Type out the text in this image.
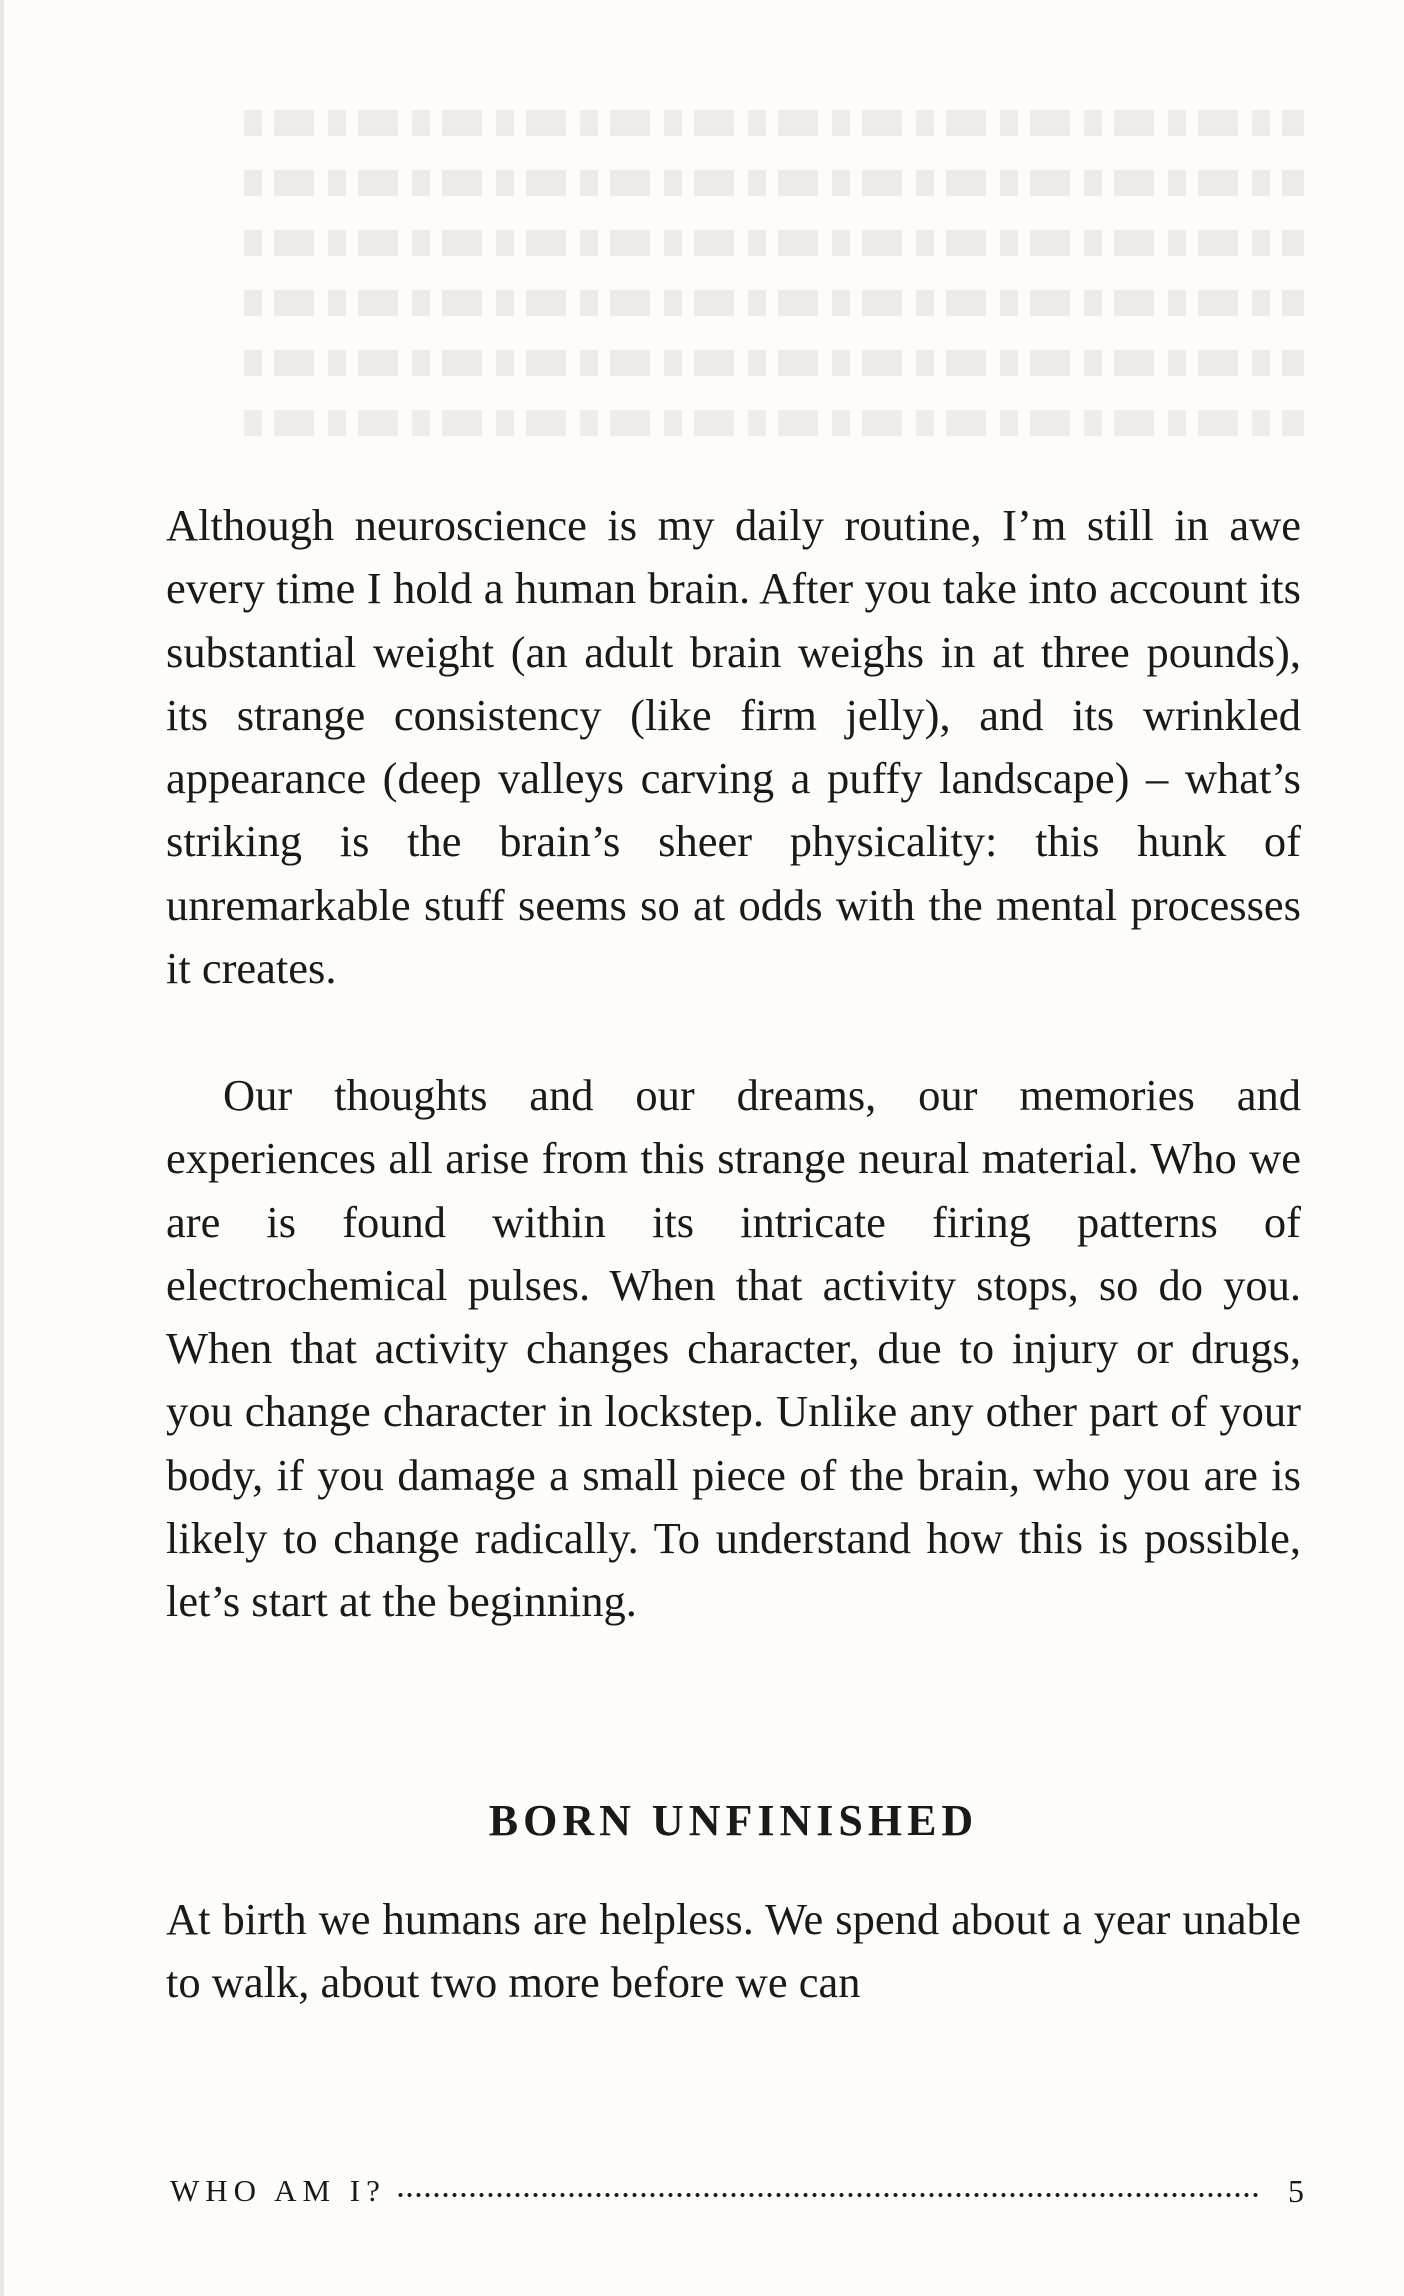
Although neuroscience is my daily routine, I’m still in awe every time I hold a human brain. After you take into account its substantial weight (an adult brain weighs in at three pounds), its strange consistency (like firm jelly), and its wrinkled appearance (deep valleys carving a puffy landscape) – what’s striking is the brain’s sheer physicality: this hunk of unremarkable stuff seems so at odds with the mental processes it creates.

Our thoughts and our dreams, our memories and experiences all arise from this strange neural material. Who we are is found within its intricate firing patterns of electrochemical pulses. When that activity stops, so do you. When that activity changes character, due to injury or drugs, you change character in lockstep. Unlike any other part of your body, if you damage a small piece of the brain, who you are is likely to change radically. To understand how this is possible, let’s start at the beginning.

BORN UNFINISHED

At birth we humans are helpless. We spend about a year unable to walk, about two more before we can

WHO AM I?	5
